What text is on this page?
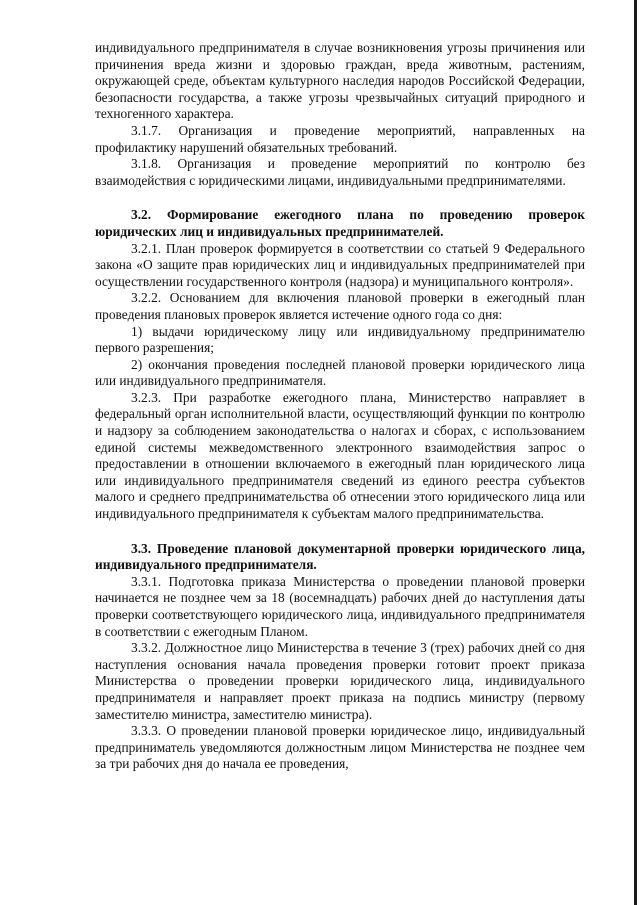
индивидуального предпринимателя в случае возникновения угрозы причинения или причинения вреда жизни и здоровью граждан, вреда животным, растениям, окружающей среде, объектам культурного наследия народов Российской Федерации, безопасности государства, а также угрозы чрезвычайных ситуаций природного и техногенного характера.

3.1.7. Организация и проведение мероприятий, направленных на профилактику нарушений обязательных требований.

3.1.8. Организация и проведение мероприятий по контролю без взаимодействия с юридическими лицами, индивидуальными предпринимателями.

3.2. Формирование ежегодного плана по проведению проверок юридических лиц и индивидуальных предпринимателей.

3.2.1. План проверок формируется в соответствии со статьей 9 Федерального закона «О защите прав юридических лиц и индивидуальных предпринимателей при осуществлении государственного контроля (надзора) и муниципального контроля».

3.2.2. Основанием для включения плановой проверки в ежегодный план проведения плановых проверок является истечение одного года со дня:

1) выдачи юридическому лицу или индивидуальному предпринимателю первого разрешения;

2) окончания проведения последней плановой проверки юридического лица или индивидуального предпринимателя.

3.2.3. При разработке ежегодного плана, Министерство направляет в федеральный орган исполнительной власти, осуществляющий функции по контролю и надзору за соблюдением законодательства о налогах и сборах, с использованием единой системы межведомственного электронного взаимодействия запрос о предоставлении в отношении включаемого в ежегодный план юридического лица или индивидуального предпринимателя сведений из единого реестра субъектов малого и среднего предпринимательства об отнесении этого юридического лица или индивидуального предпринимателя к субъектам малого предпринимательства.

3.3. Проведение плановой документарной проверки юридического лица, индивидуального предпринимателя.

3.3.1. Подготовка приказа Министерства о проведении плановой проверки начинается не позднее чем за 18 (восемнадцать) рабочих дней до наступления даты проверки соответствующего юридического лица, индивидуального предпринимателя в соответствии с ежегодным Планом.

3.3.2. Должностное лицо Министерства в течение 3 (трех) рабочих дней со дня наступления основания начала проведения проверки готовит проект приказа Министерства о проведении проверки юридического лица, индивидуального предпринимателя и направляет проект приказа на подпись министру (первому заместителю министра, заместителю министра).

3.3.3. О проведении плановой проверки юридическое лицо, индивидуальный предприниматель уведомляются должностным лицом Министерства не позднее чем за три рабочих дня до начала ее проведения,
